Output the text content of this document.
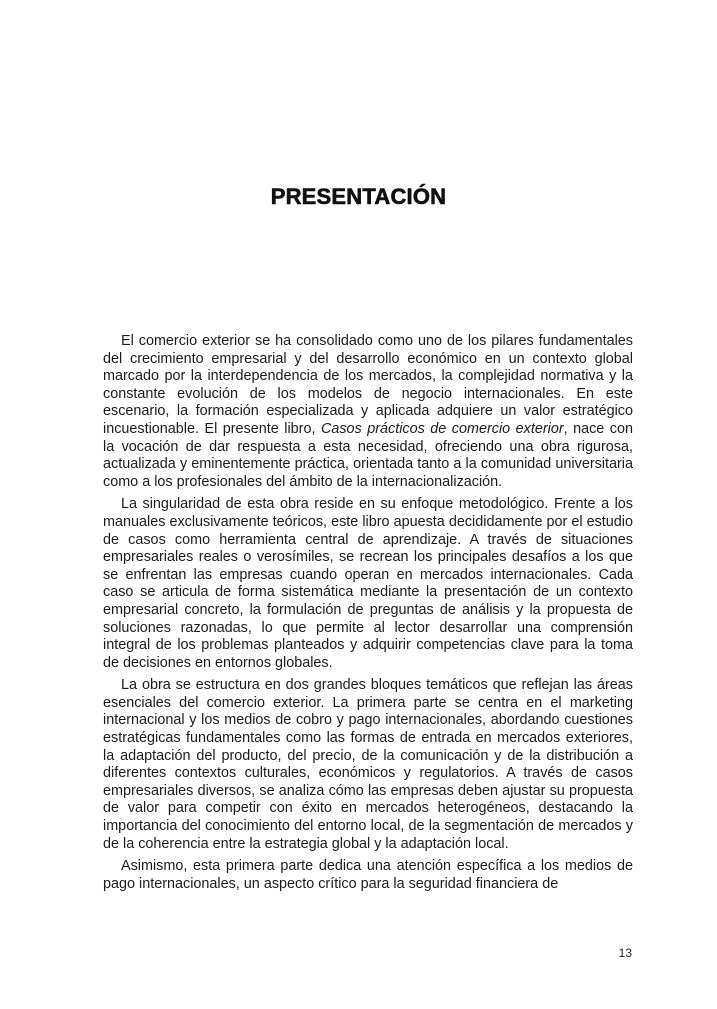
PRESENTACIÓN

El comercio exterior se ha consolidado como uno de los pilares fundamentales del crecimiento empresarial y del desarrollo económico en un contexto global marcado por la interdependencia de los mercados, la complejidad normativa y la constante evolución de los modelos de negocio internacionales. En este escenario, la formación especializada y aplicada adquiere un valor estratégico incuestionable. El presente libro, Casos prácticos de comercio exterior, nace con la vocación de dar respuesta a esta necesidad, ofreciendo una obra rigurosa, actualizada y eminentemente práctica, orientada tanto a la comunidad universitaria como a los profesionales del ámbito de la internacionalización.

La singularidad de esta obra reside en su enfoque metodológico. Frente a los manuales exclusivamente teóricos, este libro apuesta decididamente por el estudio de casos como herramienta central de aprendizaje. A través de situaciones empresariales reales o verosímiles, se recrean los principales desafíos a los que se enfrentan las empresas cuando operan en mercados internacionales. Cada caso se articula de forma sistemática mediante la presentación de un contexto empresarial concreto, la formulación de preguntas de análisis y la propuesta de soluciones razonadas, lo que permite al lector desarrollar una comprensión integral de los problemas planteados y adquirir competencias clave para la toma de decisiones en entornos globales.

La obra se estructura en dos grandes bloques temáticos que reflejan las áreas esenciales del comercio exterior. La primera parte se centra en el marketing internacional y los medios de cobro y pago internacionales, abordando cuestiones estratégicas fundamentales como las formas de entrada en mercados exteriores, la adaptación del producto, del precio, de la comunicación y de la distribución a diferentes contextos culturales, económicos y regulatorios. A través de casos empresariales diversos, se analiza cómo las empresas deben ajustar su propuesta de valor para competir con éxito en mercados heterogéneos, destacando la importancia del conocimiento del entorno local, de la segmentación de mercados y de la coherencia entre la estrategia global y la adaptación local.

Asimismo, esta primera parte dedica una atención específica a los medios de pago internacionales, un aspecto crítico para la seguridad financiera de

13
